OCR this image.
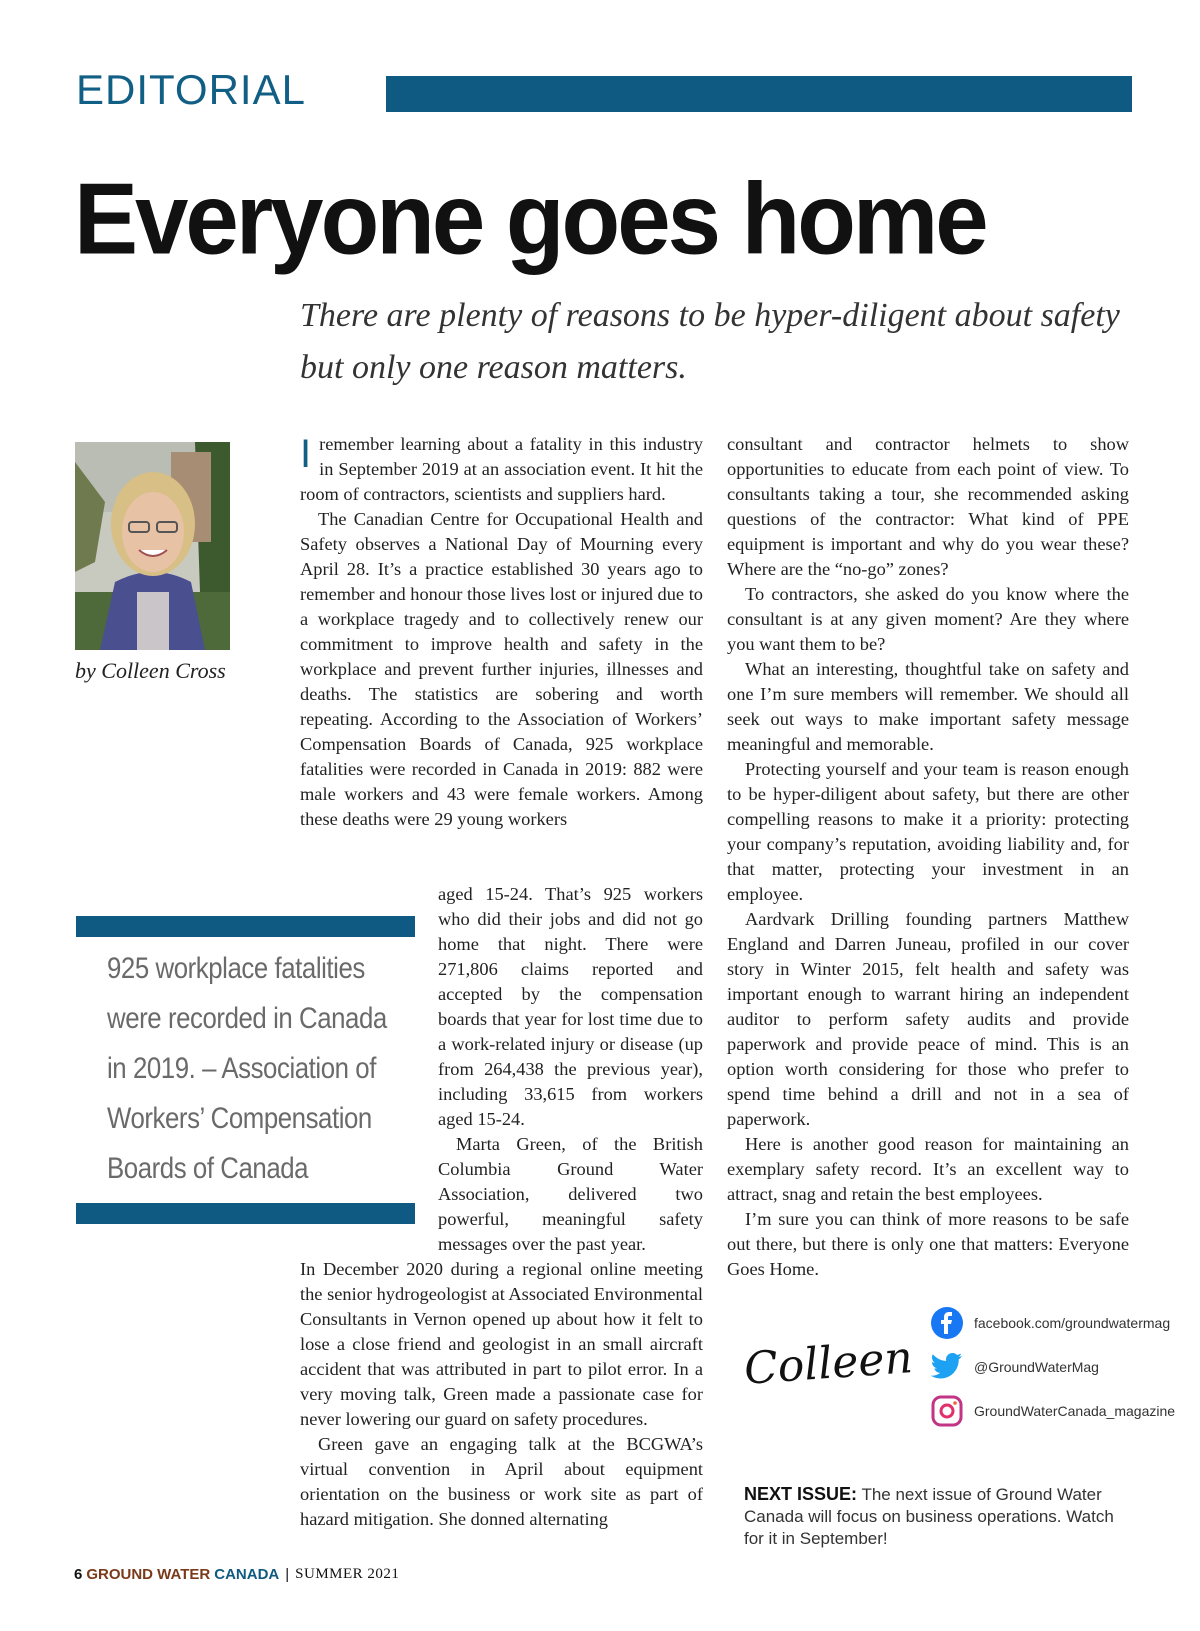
EDITORIAL
Everyone goes home
There are plenty of reasons to be hyper-diligent about safety but only one reason matters.
by Colleen Cross

Iremember learning about a fatality in this industry in September 2019 at an association event. It hit the room of contractors, scientists and suppliers hard.

The Canadian Centre for Occupational Health and Safety observes a National Day of Mourning every April 28. It’s a practice established 30 years ago to remember and honour those lives lost or injured due to a workplace tragedy and to collectively renew our commitment to improve health and safety in the workplace and prevent further injuries, illnesses and deaths. The statistics are sobering and worth repeating. According to the Association of Workers’ Compensation Boards of Canada, 925 workplace fatalities were recorded in Canada in 2019: 882 were male workers and 43 were female workers. Among these deaths were 29 young workers

aged 15-24. That’s 925 workers who did their jobs and did not go home that night. There were 271,806 claims reported and accepted by the compensation boards that year for lost time due to a work-related injury or disease (up from 264,438 the previous year), including 33,615 from workers aged 15-24.

Marta Green, of the British Columbia Ground Water Association, delivered two powerful, meaningful safety messages over the past year.

In December 2020 during a regional online meeting the senior hydrogeologist at Associated Environmental Consultants in Vernon opened up about how it felt to lose a close friend and geologist in an small aircraft accident that was attributed in part to pilot error. In a very moving talk, Green made a passionate case for never lowering our guard on safety procedures.

Green gave an engaging talk at the BCGWA’s virtual convention in April about equipment orientation on the business or work site as part of hazard mitigation. She donned alternating

925 workplace fatalities were recorded in Canada in 2019. – Association of Workers’ Compensation Boards of Canada

consultant and contractor helmets to show opportunities to educate from each point of view. To consultants taking a tour, she recommended asking questions of the contractor: What kind of PPE equipment is important and why do you wear these? Where are the “no-go” zones?

To contractors, she asked do you know where the consultant is at any given moment? Are they where you want them to be?

What an interesting, thoughtful take on safety and one I’m sure members will remember. We should all seek out ways to make important safety message meaningful and memorable.

Protecting yourself and your team is reason enough to be hyper-diligent about safety, but there are other compelling reasons to make it a priority: protecting your company’s reputation, avoiding liability and, for that matter, protecting your investment in an employee.

Aardvark Drilling founding partners Matthew England and Darren Juneau, profiled in our cover story in Winter 2015, felt health and safety was important enough to warrant hiring an independent auditor to perform safety audits and provide paperwork and provide peace of mind. This is an option worth considering for those who prefer to spend time behind a drill and not in a sea of paperwork.

Here is another good reason for maintaining an exemplary safety record. It’s an excellent way to attract, snag and retain the best employees.

I’m sure you can think of more reasons to be safe out there, but there is only one that matters: Everyone Goes Home.

Colleen
facebook.com/groundwatermag
@GroundWaterMag
GroundWaterCanada_magazine
NEXT ISSUE: The next issue of Ground Water Canada will focus on business operations. Watch for it in September!
6 GROUND WATER CANADA | SUMMER 2021
